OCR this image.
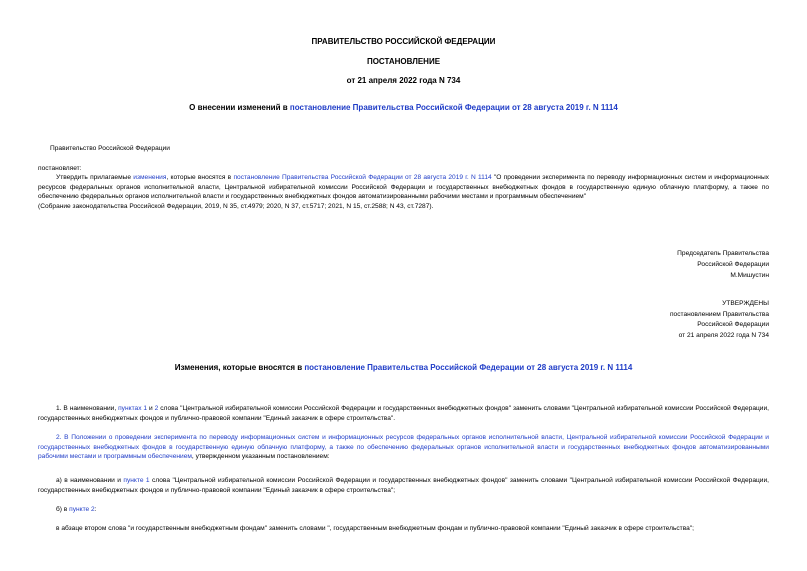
ПРАВИТЕЛЬСТВО РОССИЙСКОЙ ФЕДЕРАЦИИ
ПОСТАНОВЛЕНИЕ
от 21 апреля 2022 года N 734
О внесении изменений в постановление Правительства Российской Федерации от 28 августа 2019 г. N 1114
Правительство Российской Федерации
постановляет:
Утвердить прилагаемые изменения, которые вносятся в постановление Правительства Российской Федерации от 28 августа 2019 г. N 1114 "О проведении эксперимента по переводу информационных систем и информационных ресурсов федеральных органов исполнительной власти, Центральной избирательной комиссии Российской Федерации и государственных внебюджетных фондов в государственную единую облачную платформу, а также по обеспечению федеральных органов исполнительной власти и государственных внебюджетных фондов автоматизированными рабочими местами и программным обеспечением"
(Собрание законодательства Российской Федерации, 2019, N 35, ст.4979; 2020, N 37, ст.5717; 2021, N 15, ст.2588; N 43, ст.7287).
Председатель Правительства
Российской Федерации
М.Мишустин
УТВЕРЖДЕНЫ
постановлением Правительства
Российской Федерации
от 21 апреля 2022 года N 734
Изменения, которые вносятся в постановление Правительства Российской Федерации от 28 августа 2019 г. N 1114
1. В наименовании, пунктах 1 и 2 слова "Центральной избирательной комиссии Российской Федерации и государственных внебюджетных фондов" заменить словами "Центральной избирательной комиссии Российской Федерации, государственных внебюджетных фондов и публично-правовой компании "Единый заказчик в сфере строительства".
2. В Положении о проведении эксперимента по переводу информационных систем и информационных ресурсов федеральных органов исполнительной власти, Центральной избирательной комиссии Российской Федерации и государственных внебюджетных фондов в государственную единую облачную платформу, а также по обеспечению федеральных органов исполнительной власти и государственных внебюджетных фондов автоматизированными рабочими местами и программным обеспечением, утвержденном указанным постановлением:
а) в наименовании и пункте 1 слова "Центральной избирательной комиссии Российской Федерации и государственных внебюджетных фондов" заменить словами "Центральной избирательной комиссии Российской Федерации, государственных внебюджетных фондов и публично-правовой компании "Единый заказчик в сфере строительства";
б) в пункте 2:
в абзаце втором слова "и государственным внебюджетным фондам" заменить словами ", государственным внебюджетным фондам и публично-правовой компании "Единый заказчик в сфере строительства";
